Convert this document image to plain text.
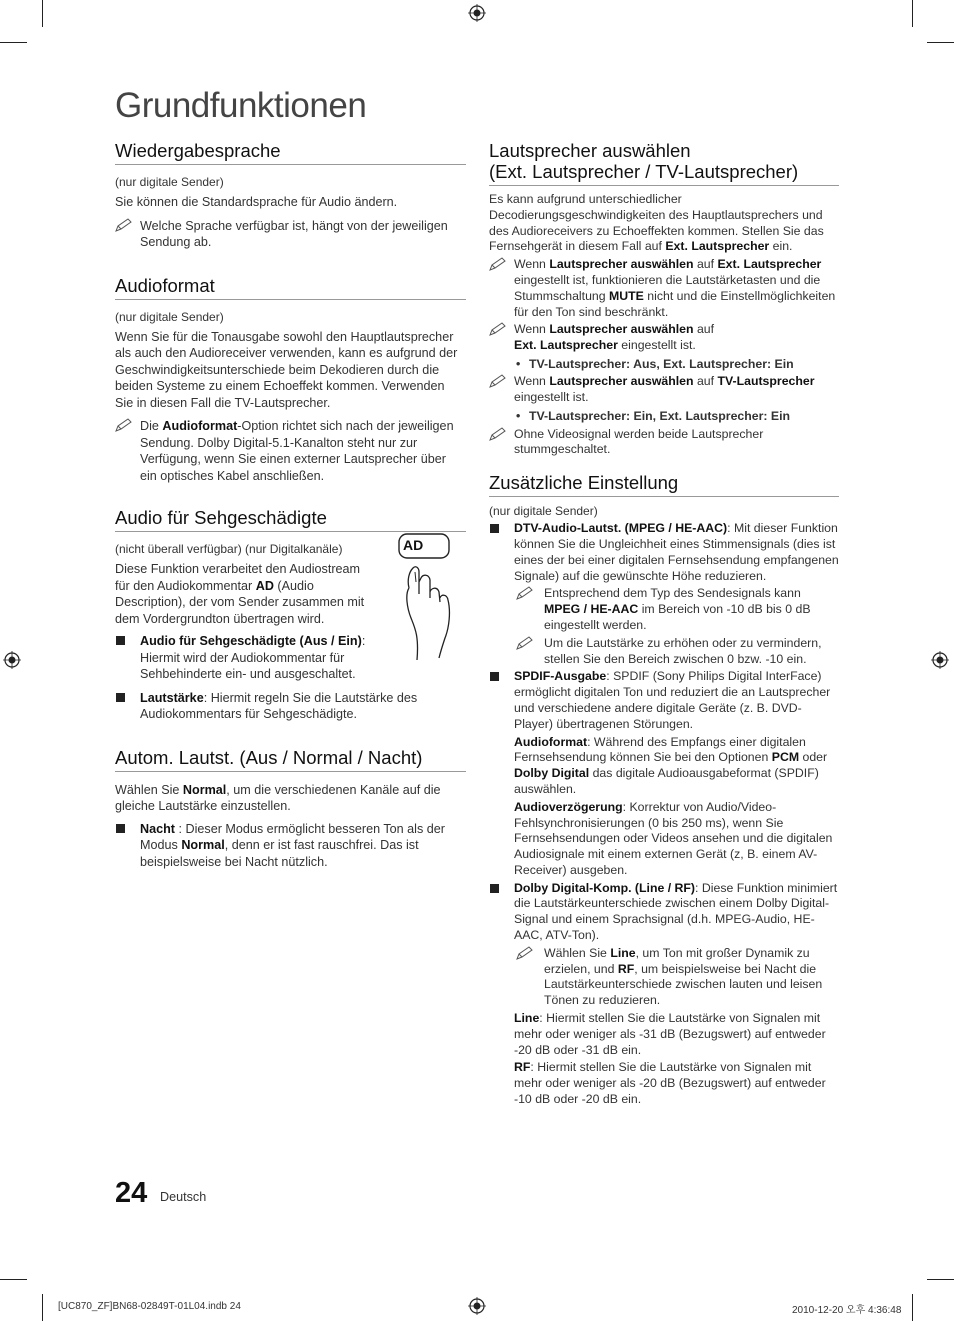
Grundfunktionen
Wiedergabesprache
(nur digitale Sender)
Sie können die Standardsprache für Audio ändern.
Welche Sprache verfügbar ist, hängt von der jeweiligen Sendung ab.
Audioformat
(nur digitale Sender)
Wenn Sie für die Tonausgabe sowohl den Hauptlautsprecher als auch den Audioreceiver verwenden, kann es aufgrund der Geschwindigkeitsunterschiede beim Dekodieren durch die beiden Systeme zu einem Echoeffekt kommen. Verwenden Sie in diesen Fall die TV-Lautsprecher.
Die Audioformat-Option richtet sich nach der jeweiligen Sendung. Dolby Digital-5.1-Kanalton steht nur zur Verfügung, wenn Sie einen externer Lautsprecher über ein optisches Kabel anschließen.
Audio für Sehgeschädigte
(nicht überall verfügbar) (nur Digitalkanäle)
Diese Funktion verarbeitet den Audiostream für den Audiokommentar AD (Audio Description), der vom Sender zusammen mit dem Vordergrundton übertragen wird.
Audio für Sehgeschädigte (Aus / Ein): Hiermit wird der Audiokommentar für Sehbehinderte ein- und ausgeschaltet.
AD
Lautstärke: Hiermit regeln Sie die Lautstärke des Audiokommentars für Sehgeschädigte.
Autom. Lautst. (Aus / Normal / Nacht)
Wählen Sie Normal, um die verschiedenen Kanäle auf die gleiche Lautstärke einzustellen.
Nacht : Dieser Modus ermöglicht besseren Ton als der Modus Normal, denn er ist fast rauschfrei. Das ist beispielsweise bei Nacht nützlich.
Lautsprecher auswählen
(Ext. Lautsprecher / TV-Lautsprecher)
Es kann aufgrund unterschiedlicher Decodierungsgeschwindigkeiten des Hauptlautsprechers und des Audioreceivers zu Echoeffekten kommen. Stellen Sie das Fernsehgerät in diesem Fall auf Ext. Lautsprecher ein.
Wenn Lautsprecher auswählen auf Ext. Lautsprecher eingestellt ist, funktionieren die Lautstärketasten und die Stummschaltung MUTE nicht und die Einstellmöglichkeiten für den Ton sind beschränkt.
Wenn Lautsprecher auswählen auf
Ext. Lautsprecher eingestellt ist.
• TV-Lautsprecher: Aus, Ext. Lautsprecher: Ein
Wenn Lautsprecher auswählen auf TV-Lautsprecher eingestellt ist.
• TV-Lautsprecher: Ein, Ext. Lautsprecher: Ein
Ohne Videosignal werden beide Lautsprecher stummgeschaltet.
Zusätzliche Einstellung
(nur digitale Sender)
DTV-Audio-Lautst. (MPEG / HE-AAC): Mit dieser Funktion können Sie die Ungleichheit eines Stimmensignals (dies ist eines der bei einer digitalen Fernsehsendung empfangenen Signale) auf die gewünschte Höhe reduzieren.
Entsprechend dem Typ des Sendesignals kann MPEG / HE-AAC im Bereich von -10 dB bis 0 dB eingestellt werden.
Um die Lautstärke zu erhöhen oder zu vermindern, stellen Sie den Bereich zwischen 0 bzw. -10 ein.
SPDIF-Ausgabe: SPDIF (Sony Philips Digital InterFace) ermöglicht digitalen Ton und reduziert die an Lautsprecher und verschiedene andere digitale Geräte (z. B. DVD-Player) übertragenen Störungen.
Audioformat: Während des Empfangs einer digitalen Fernsehsendung können Sie bei den Optionen PCM oder Dolby Digital das digitale Audioausgabeformat (SPDIF) auswählen.
Audioverzögerung: Korrektur von Audio/Video-Fehlsynchronisierungen (0 bis 250 ms), wenn Sie Fernsehsendungen oder Videos ansehen und die digitalen Audiosignale mit einem externen Gerät (z, B. einem AV-Receiver) ausgeben.
Dolby Digital-Komp. (Line / RF): Diese Funktion minimiert die Lautstärkeunterschiede zwischen einem Dolby Digital-Signal und einem Sprachsignal (d.h. MPEG-Audio, HE-AAC, ATV-Ton).
Wählen Sie Line, um Ton mit großer Dynamik zu erzielen, und RF, um beispielsweise bei Nacht die Lautstärkeunterschiede zwischen lauten und leisen Tönen zu reduzieren.
Line: Hiermit stellen Sie die Lautstärke von Signalen mit mehr oder weniger als -31 dB (Bezugswert) auf entweder -20 dB oder -31 dB ein.
RF: Hiermit stellen Sie die Lautstärke von Signalen mit mehr oder weniger als -20 dB (Bezugswert) auf entweder -10 dB oder -20 dB ein.
24 Deutsch
[UC870_ZF]BN68-02849T-01L04.indb 24	2010-12-20 오후 4:36:48
